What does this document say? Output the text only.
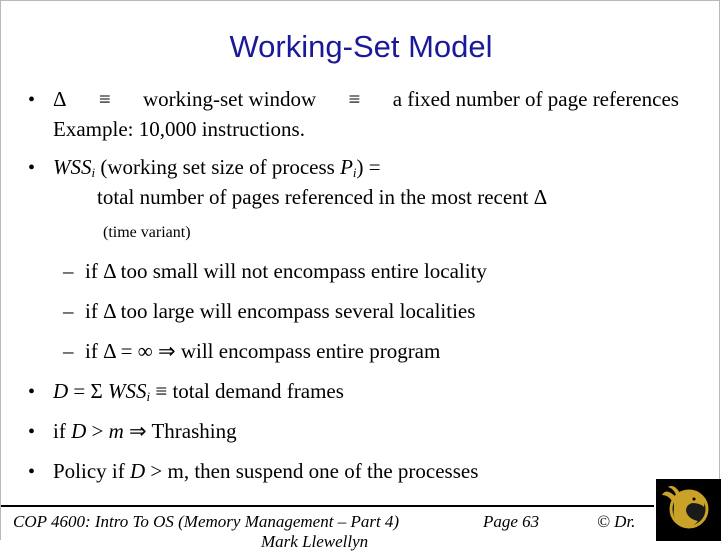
Working-Set Model
• Δ ≡ working-set window ≡ a fixed number of page references
Example: 10,000 instructions.
• $WSS_i$ (working set size of process $P_i$) =
total number of pages referenced in the most recent Δ
(time variant)
– if Δ too small will not encompass entire locality
– if Δ too large will encompass several localities
– if Δ = ∞ ⇒ will encompass entire program
• D = Σ $WSS_i$ ≡ total demand frames
• if D > m ⇒ Thrashing
• Policy if D > m, then suspend one of the processes
COP 4600: Intro To OS (Memory Management – Part 4)	Page 63	© Dr.
Mark Llewellyn
